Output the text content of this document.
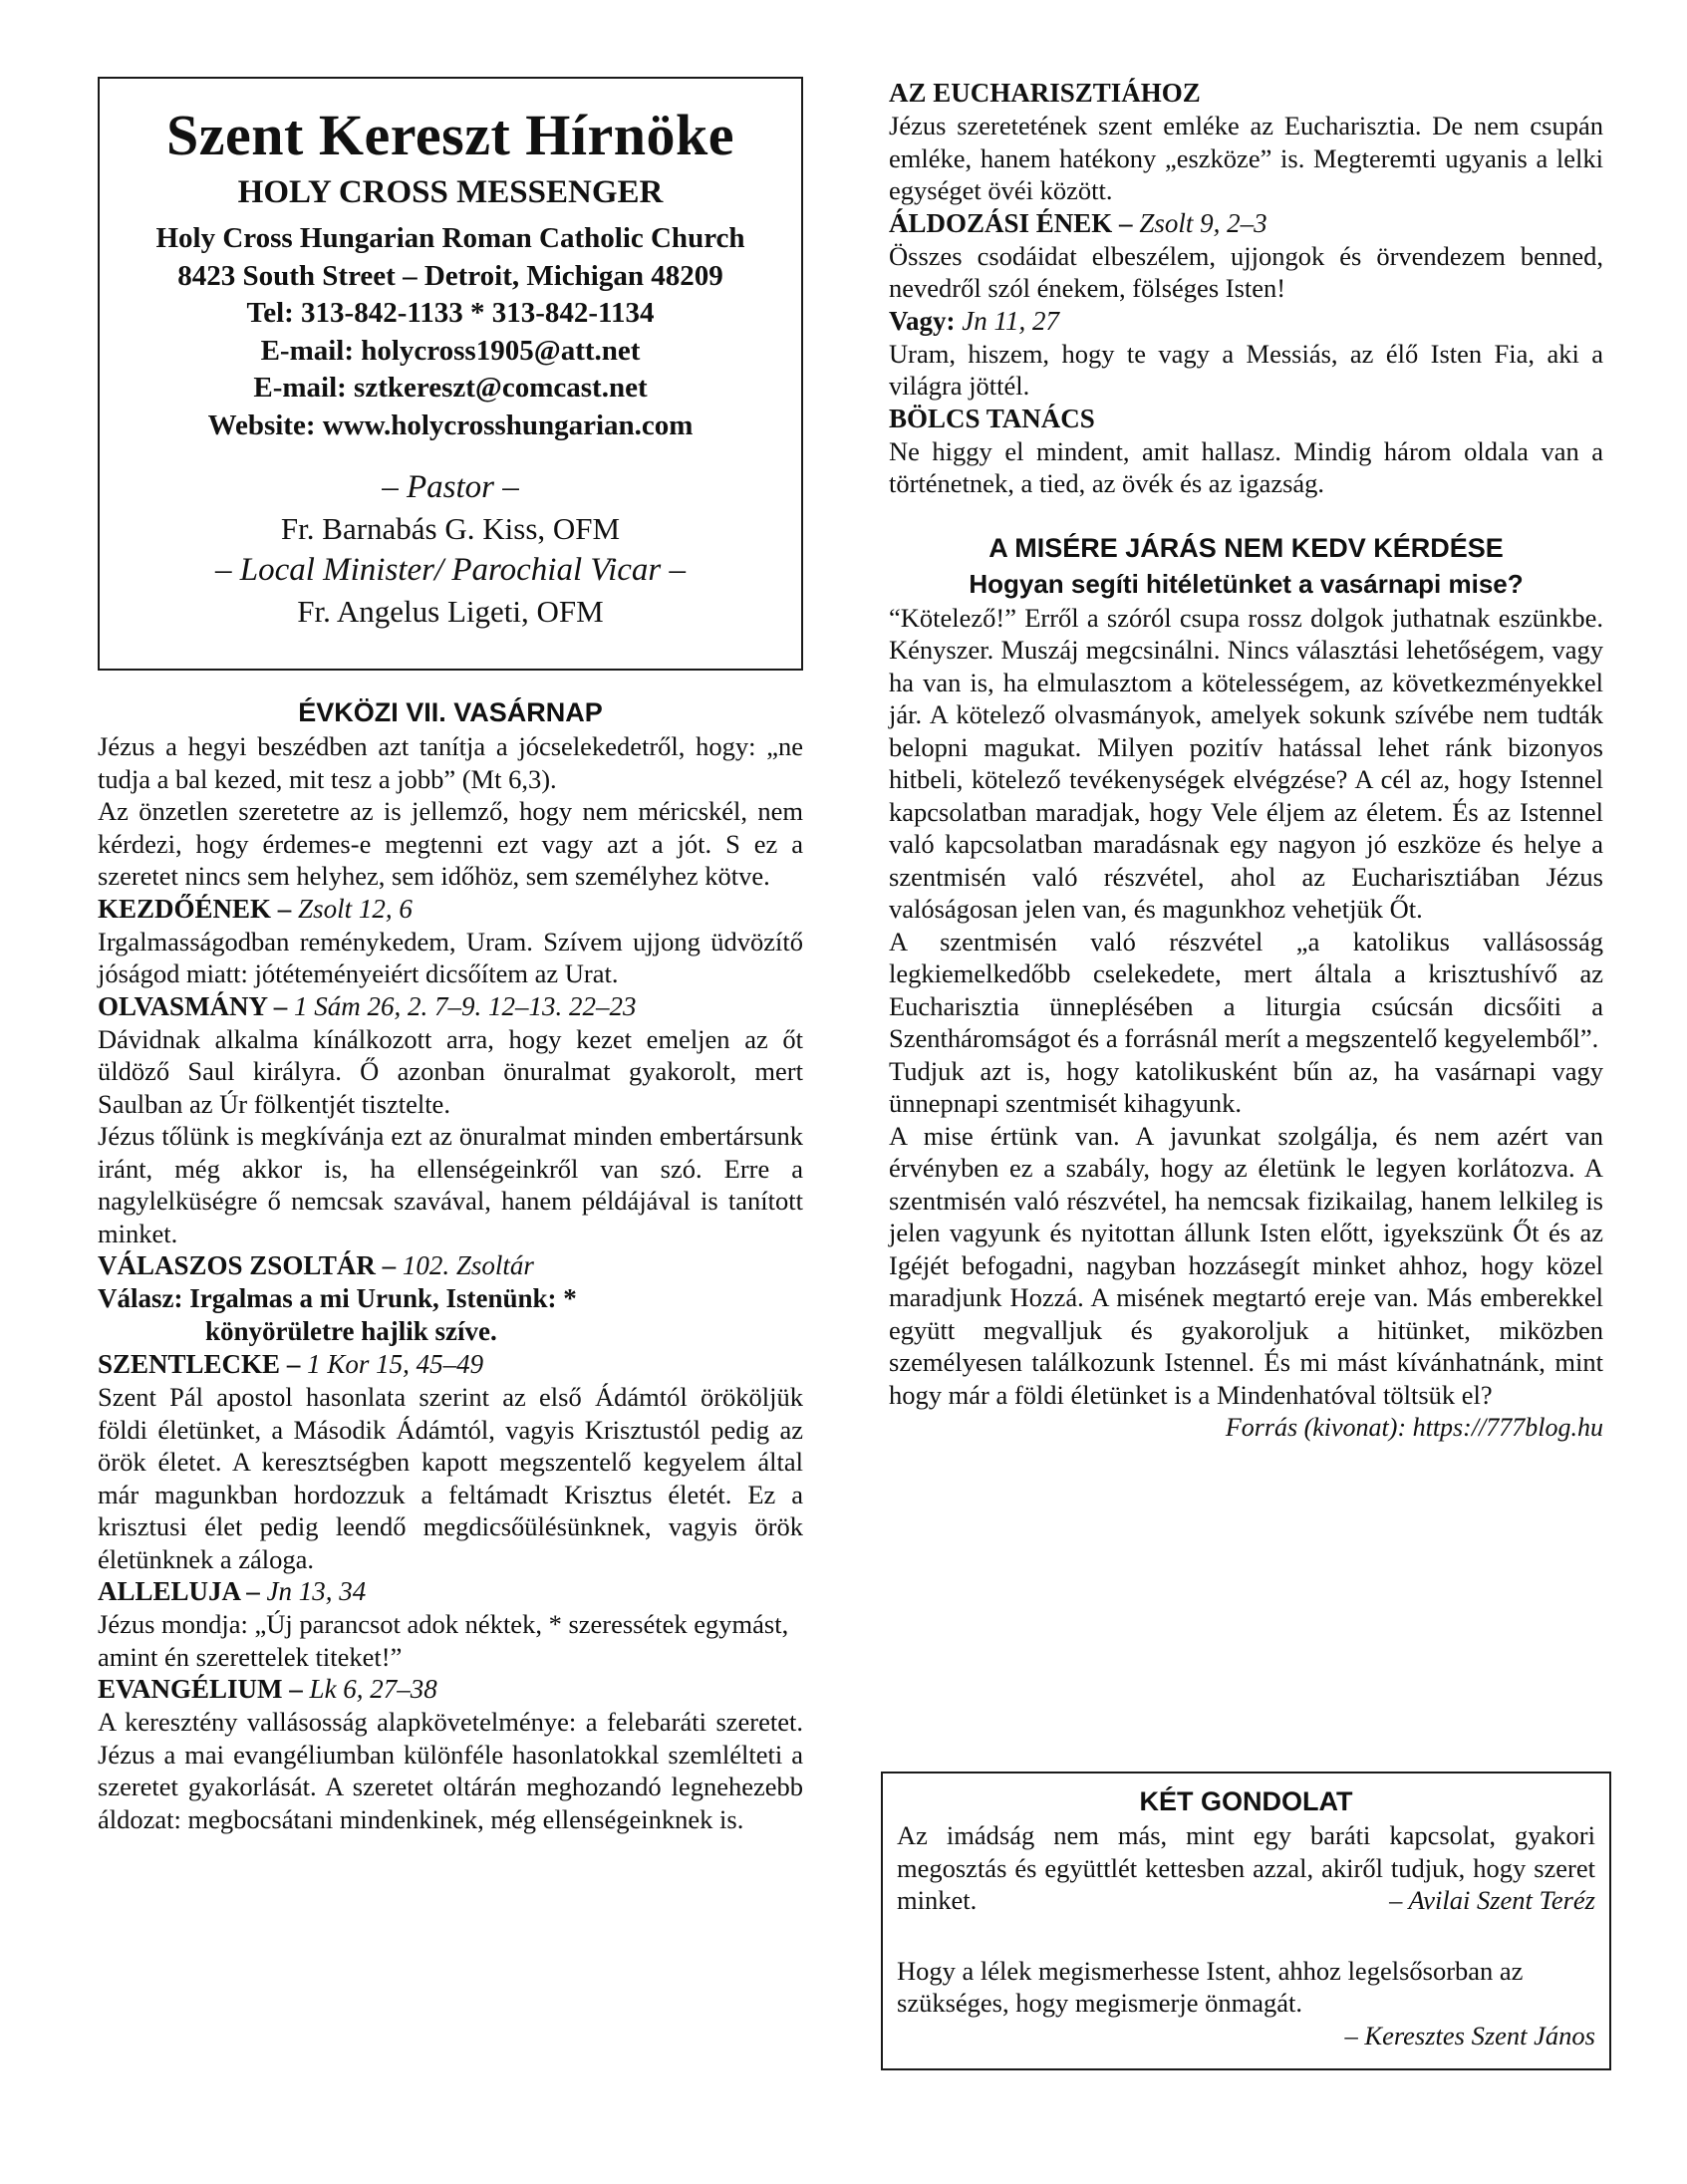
Szent Kereszt Hírnöke
HOLY CROSS MESSENGER
Holy Cross Hungarian Roman Catholic Church
8423 South Street – Detroit, Michigan 48209
Tel: 313-842-1133 * 313-842-1134
E-mail: holycross1905@att.net
E-mail: sztkereszt@comcast.net
Website: www.holycrosshungarian.com
– Pastor –
Fr. Barnabás G. Kiss, OFM
– Local Minister/ Parochial Vicar –
Fr. Angelus Ligeti, OFM
ÉVKÖZI VII. VASÁRNAP

Jézus a hegyi beszédben azt tanítja a jócselekedetről, hogy: „ne tudja a bal kezed, mit tesz a jobb” (Mt 6,3).

Az önzetlen szeretetre az is jellemző, hogy nem méricskél, nem kérdezi, hogy érdemes-e megtenni ezt vagy azt a jót. S ez a szeretet nincs sem helyhez, sem időhöz, sem személyhez kötve.

KEZDŐÉNEK – Zsolt 12, 6

Irgalmasságodban reménykedem, Uram. Szívem ujjong üdvözítő jóságod miatt: jótéteményeiért dicsőítem az Urat.

OLVASMÁNY – 1 Sám 26, 2. 7–9. 12–13. 22–23

Dávidnak alkalma kínálkozott arra, hogy kezet emeljen az őt üldöző Saul királyra. Ő azonban önuralmat gyakorolt, mert Saulban az Úr fölkentjét tisztelte.

Jézus tőlünk is megkívánja ezt az önuralmat minden embertársunk iránt, még akkor is, ha ellenségeinkről van szó. Erre a nagylelküségre ő nemcsak szavával, hanem példájával is tanított minket.

VÁLASZOS ZSOLTÁR – 102. Zsoltár

Válasz: Irgalmas a mi Urunk, Istenünk: *

könyörületre hajlik szíve.

SZENTLECKE – 1 Kor 15, 45–49

Szent Pál apostol hasonlata szerint az első Ádámtól örököljük földi életünket, a Második Ádámtól, vagyis Krisztustól pedig az örök életet. A keresztségben kapott megszentelő kegyelem által már magunkban hordozzuk a feltámadt Krisztus életét. Ez a krisztusi élet pedig leendő megdicsőülésünknek, vagyis örök életünknek a záloga.

ALLELUJA – Jn 13, 34

Jézus mondja: „Új parancsot adok néktek, * szeressétek egymást, amint én szerettelek titeket!”

EVANGÉLIUM – Lk 6, 27–38

A keresztény vallásosság alapkövetelménye: a felebaráti szeretet. Jézus a mai evangéliumban különféle hasonlatokkal szemlélteti a szeretet gyakorlását. A szeretet oltárán meghozandó legnehezebb áldozat: megbocsátani mindenkinek, még ellenségeinknek is.

AZ EUCHARISZTIÁHOZ

Jézus szeretetének szent emléke az Eucharisztia. De nem csupán emléke, hanem hatékony „eszköze” is. Megteremti ugyanis a lelki egységet övéi között.

ÁLDOZÁSI ÉNEK – Zsolt 9, 2–3

Összes csodáidat elbeszélem, ujjongok és örvendezem benned, nevedről szól énekem, fölséges Isten!

Vagy: Jn 11, 27

Uram, hiszem, hogy te vagy a Messiás, az élő Isten Fia, aki a világra jöttél.

BÖLCS TANÁCS

Ne higgy el mindent, amit hallasz. Mindig három oldala van a történetnek, a tied, az övék és az igazság.

A MISÉRE JÁRÁS NEM KEDV KÉRDÉSE
Hogyan segíti hitéletünket a vasárnapi mise?

“Kötelező!” Erről a szóról csupa rossz dolgok juthatnak eszünkbe. Kényszer. Muszáj megcsinálni. Nincs választási lehetőségem, vagy ha van is, ha elmulasztom a kötelességem, az következményekkel jár. A kötelező olvasmányok, amelyek sokunk szívébe nem tudták belopni magukat. Milyen pozitív hatással lehet ránk bizonyos hitbeli, kötelező tevékenységek elvégzése? A cél az, hogy Istennel kapcsolatban maradjak, hogy Vele éljem az életem. És az Istennel való kapcsolatban maradásnak egy nagyon jó eszköze és helye a szentmisén való részvétel, ahol az Eucharisztiában Jézus valóságosan jelen van, és magunkhoz vehetjük Őt.

A szentmisén való részvétel „a katolikus vallásosság legkiemelkedőbb cselekedete, mert általa a krisztushívő az Eucharisztia ünneplésében a liturgia csúcsán dicsőiti a Szentháromságot és a forrásnál merít a megszentelő kegyelemből”.

Tudjuk azt is, hogy katolikusként bűn az, ha vasárnapi vagy ünnepnapi szentmisét kihagyunk.

A mise értünk van. A javunkat szolgálja, és nem azért van érvényben ez a szabály, hogy az életünk le legyen korlátozva. A szentmisén való részvétel, ha nemcsak fizikailag, hanem lelkileg is jelen vagyunk és nyitottan állunk Isten előtt, igyekszünk Őt és az Igéjét befogadni, nagyban hozzásegít minket ahhoz, hogy közel maradjunk Hozzá. A misének megtartó ereje van. Más emberekkel együtt megvalljuk és gyakoroljuk a hitünket, miközben személyesen találkozunk Istennel. És mi mást kívánhatnánk, mint hogy már a földi életünket is a Mindenhatóval töltsük el?

Forrás (kivonat): https://777blog.hu
KÉT GONDOLAT

Az imádság nem más, mint egy baráti kapcsolat, gyakori megosztás és együttlét kettesben azzal, akiről tudjuk, hogy szeret minket.	– Avilai Szent Teréz

Hogy a lélek megismerhesse Istent, ahhoz legelsősorban az szükséges, hogy megismerje önmagát.

– Keresztes Szent János
